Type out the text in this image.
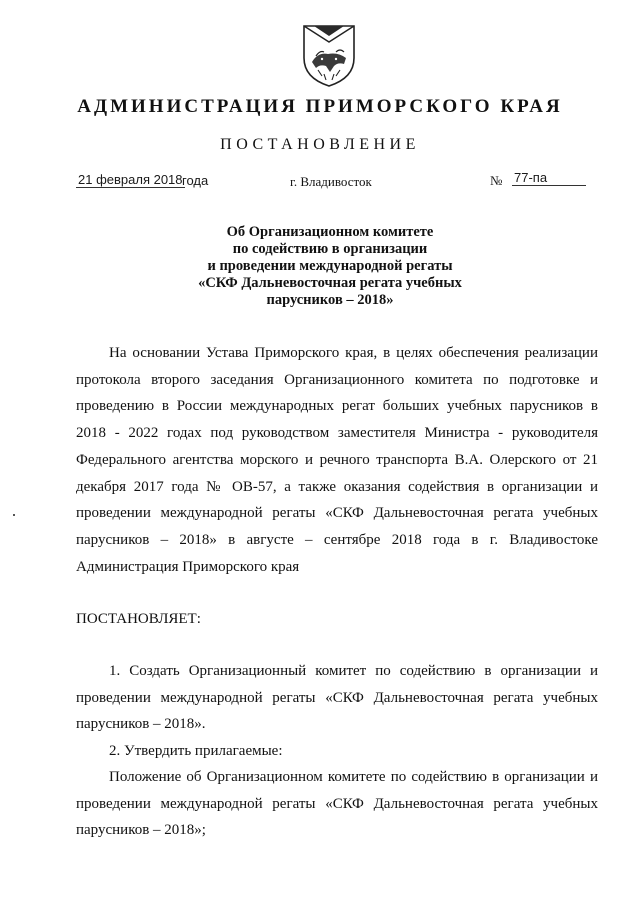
АДМИНИСТРАЦИЯ ПРИМОРСКОГО КРАЯ
ПОСТАНОВЛЕНИЕ
21 февраля 2018 года	г. Владивосток	№ 77-па
Об Организационном комитете
по содействию в организации
и проведении международной регаты
«СКФ Дальневосточная регата учебных
парусников – 2018»

На основании Устава Приморского края, в целях обеспечения реализации протокола второго заседания Организационного комитета по подготовке и проведению в России международных регат больших учебных парусников в 2018 - 2022 годах под руководством заместителя Министра - руководителя Федерального агентства морского и речного транспорта В.А. Олерского от 21 декабря 2017 года № ОВ-57, а также оказания содействия в организации и проведении международной регаты «СКФ Дальневосточная регата учебных парусников – 2018» в августе – сентябре 2018 года в г. Владивостоке Администрация Приморского края

ПОСТАНОВЛЯЕТ:

1. Создать Организационный комитет по содействию в организации и проведении международной регаты «СКФ Дальневосточная регата учебных парусников – 2018».

2. Утвердить прилагаемые:

Положение об Организационном комитете по содействию в организации и проведении международной регаты «СКФ Дальневосточная регата учебных парусников – 2018»;
